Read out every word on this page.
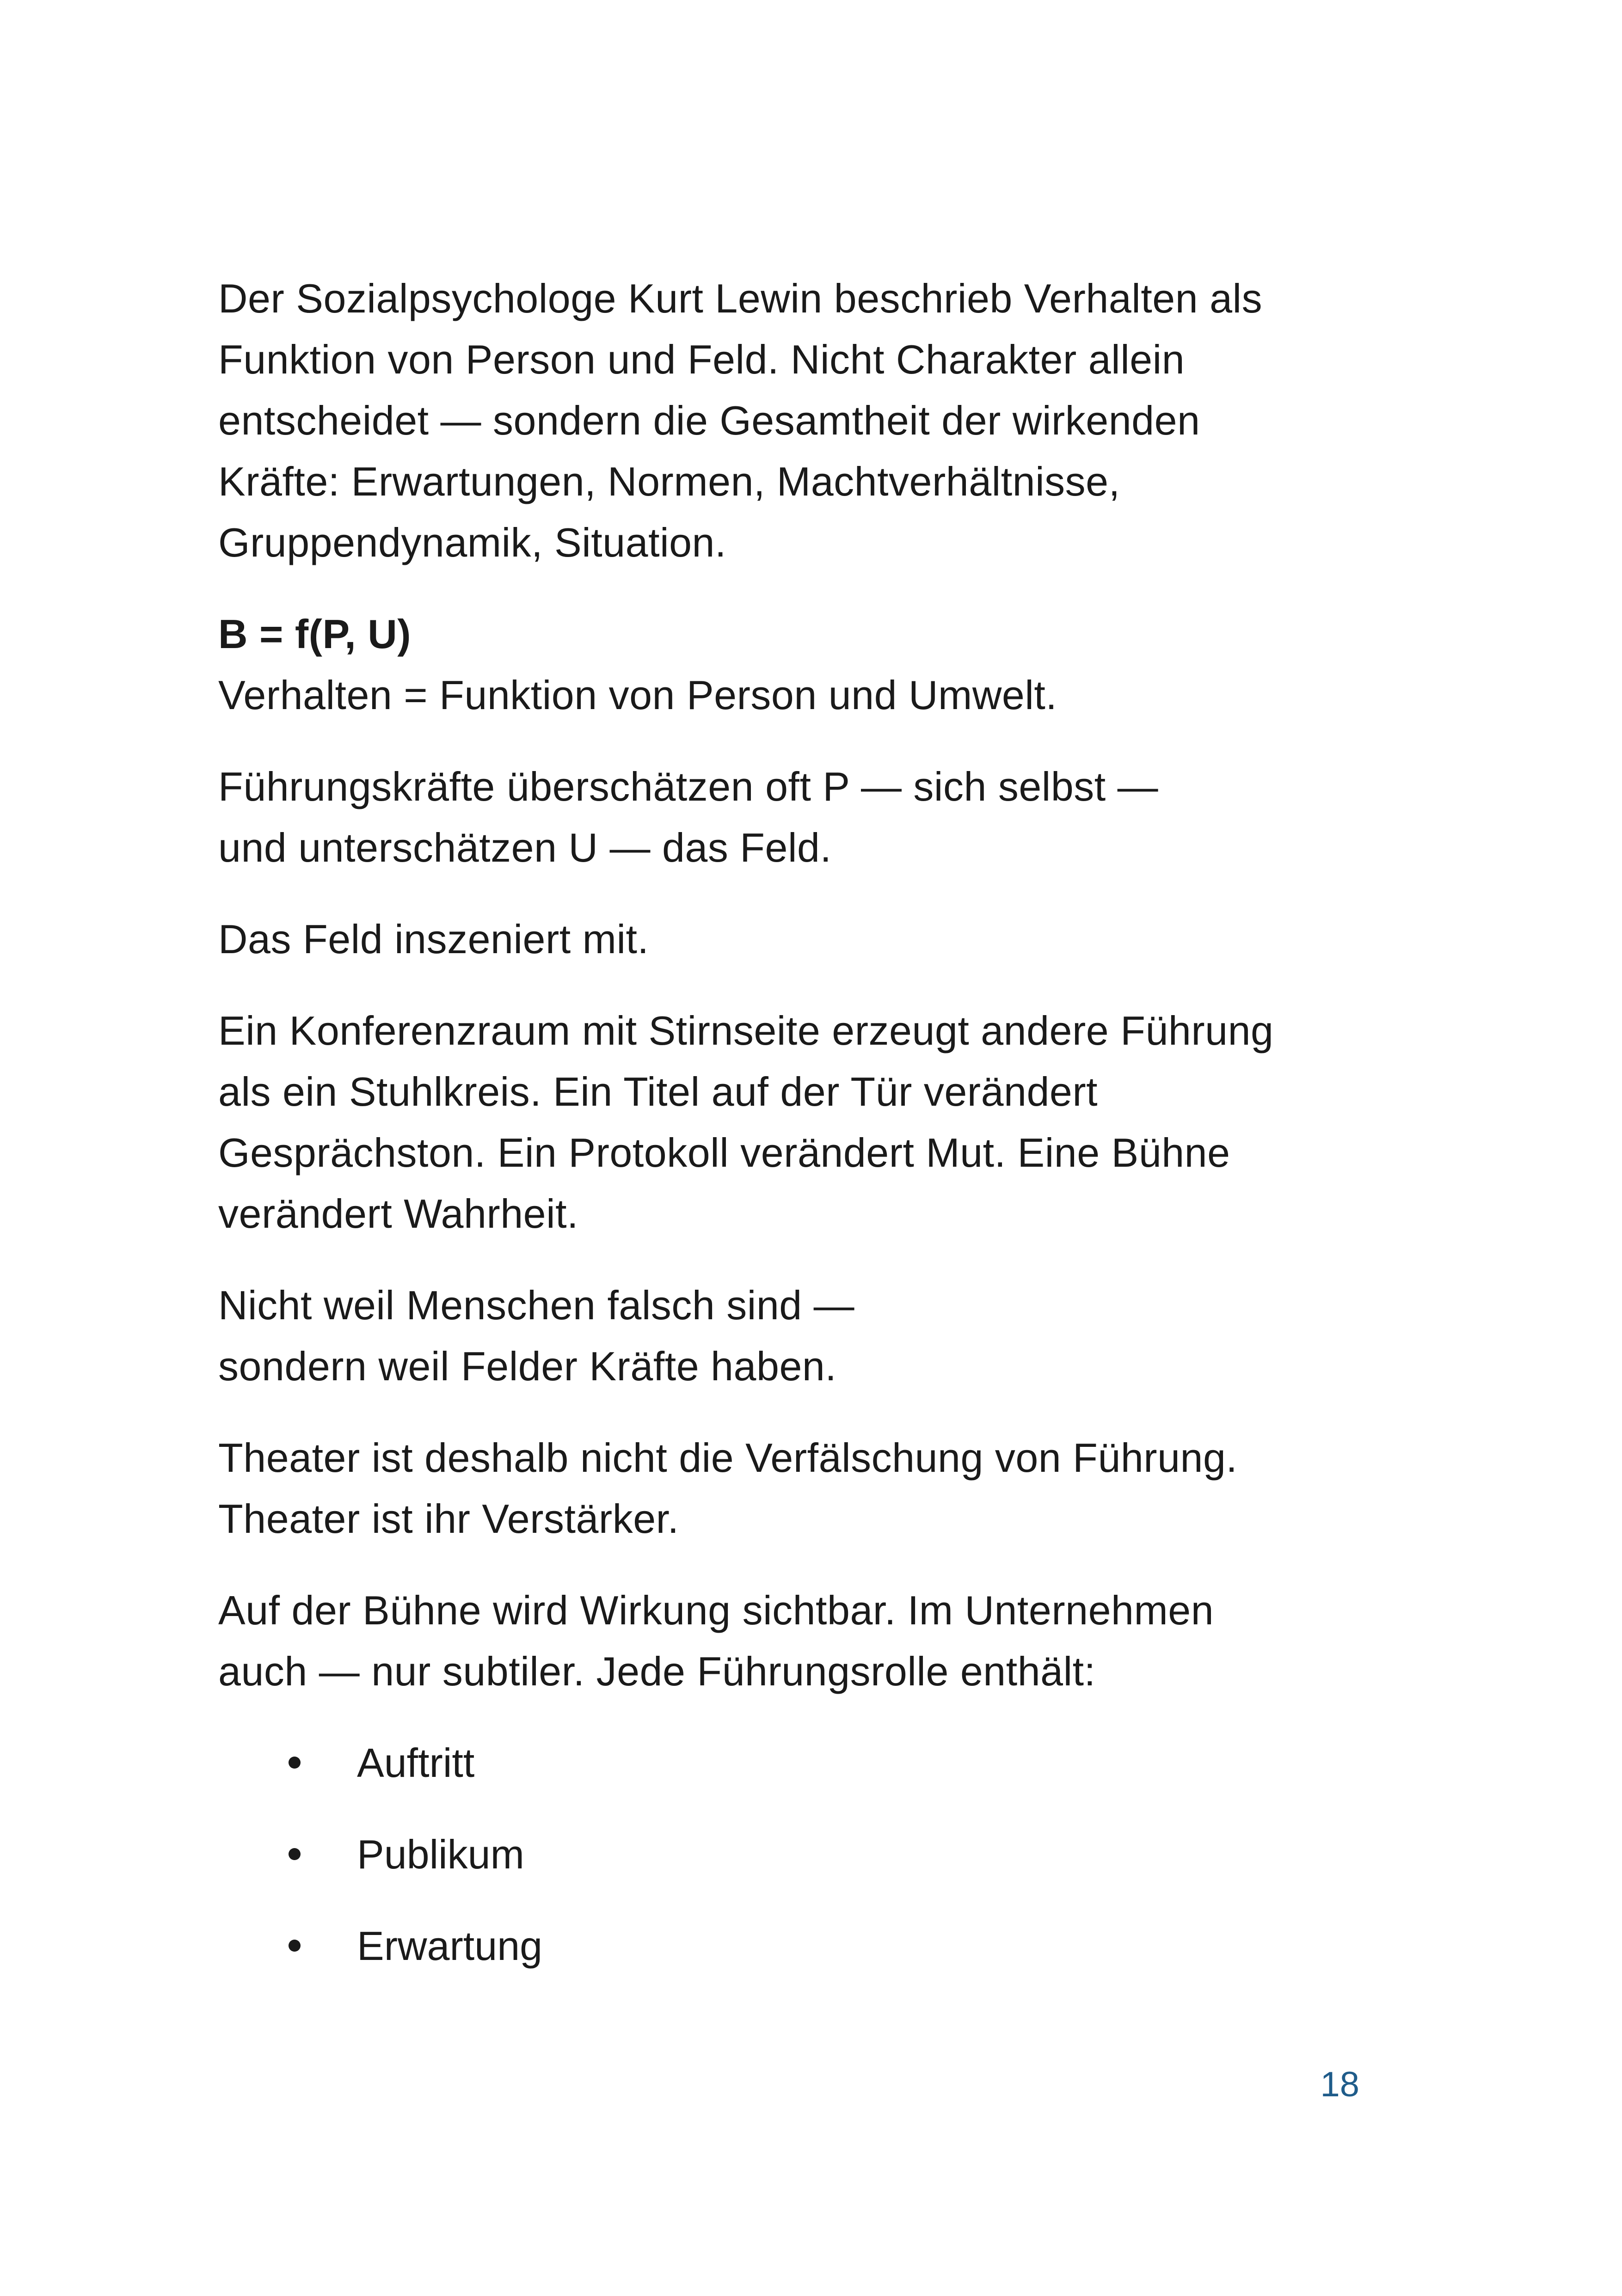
Der Sozialpsychologe Kurt Lewin beschrieb Verhalten als
Funktion von Person und Feld. Nicht Charakter allein
entscheidet — sondern die Gesamtheit der wirkenden
Kräfte: Erwartungen, Normen, Machtverhältnisse,
Gruppendynamik, Situation.

B = f(P, U)
Verhalten = Funktion von Person und Umwelt.

Führungskräfte überschätzen oft P — sich selbst —
und unterschätzen U — das Feld.

Das Feld inszeniert mit.

Ein Konferenzraum mit Stirnseite erzeugt andere Führung
als ein Stuhlkreis. Ein Titel auf der Tür verändert
Gesprächston. Ein Protokoll verändert Mut. Eine Bühne
verändert Wahrheit.

Nicht weil Menschen falsch sind —
sondern weil Felder Kräfte haben.

Theater ist deshalb nicht die Verfälschung von Führung.
Theater ist ihr Verstärker.

Auf der Bühne wird Wirkung sichtbar. Im Unternehmen
auch — nur subtiler. Jede Führungsrolle enthält:

Auftritt
Publikum
Erwartung
18
